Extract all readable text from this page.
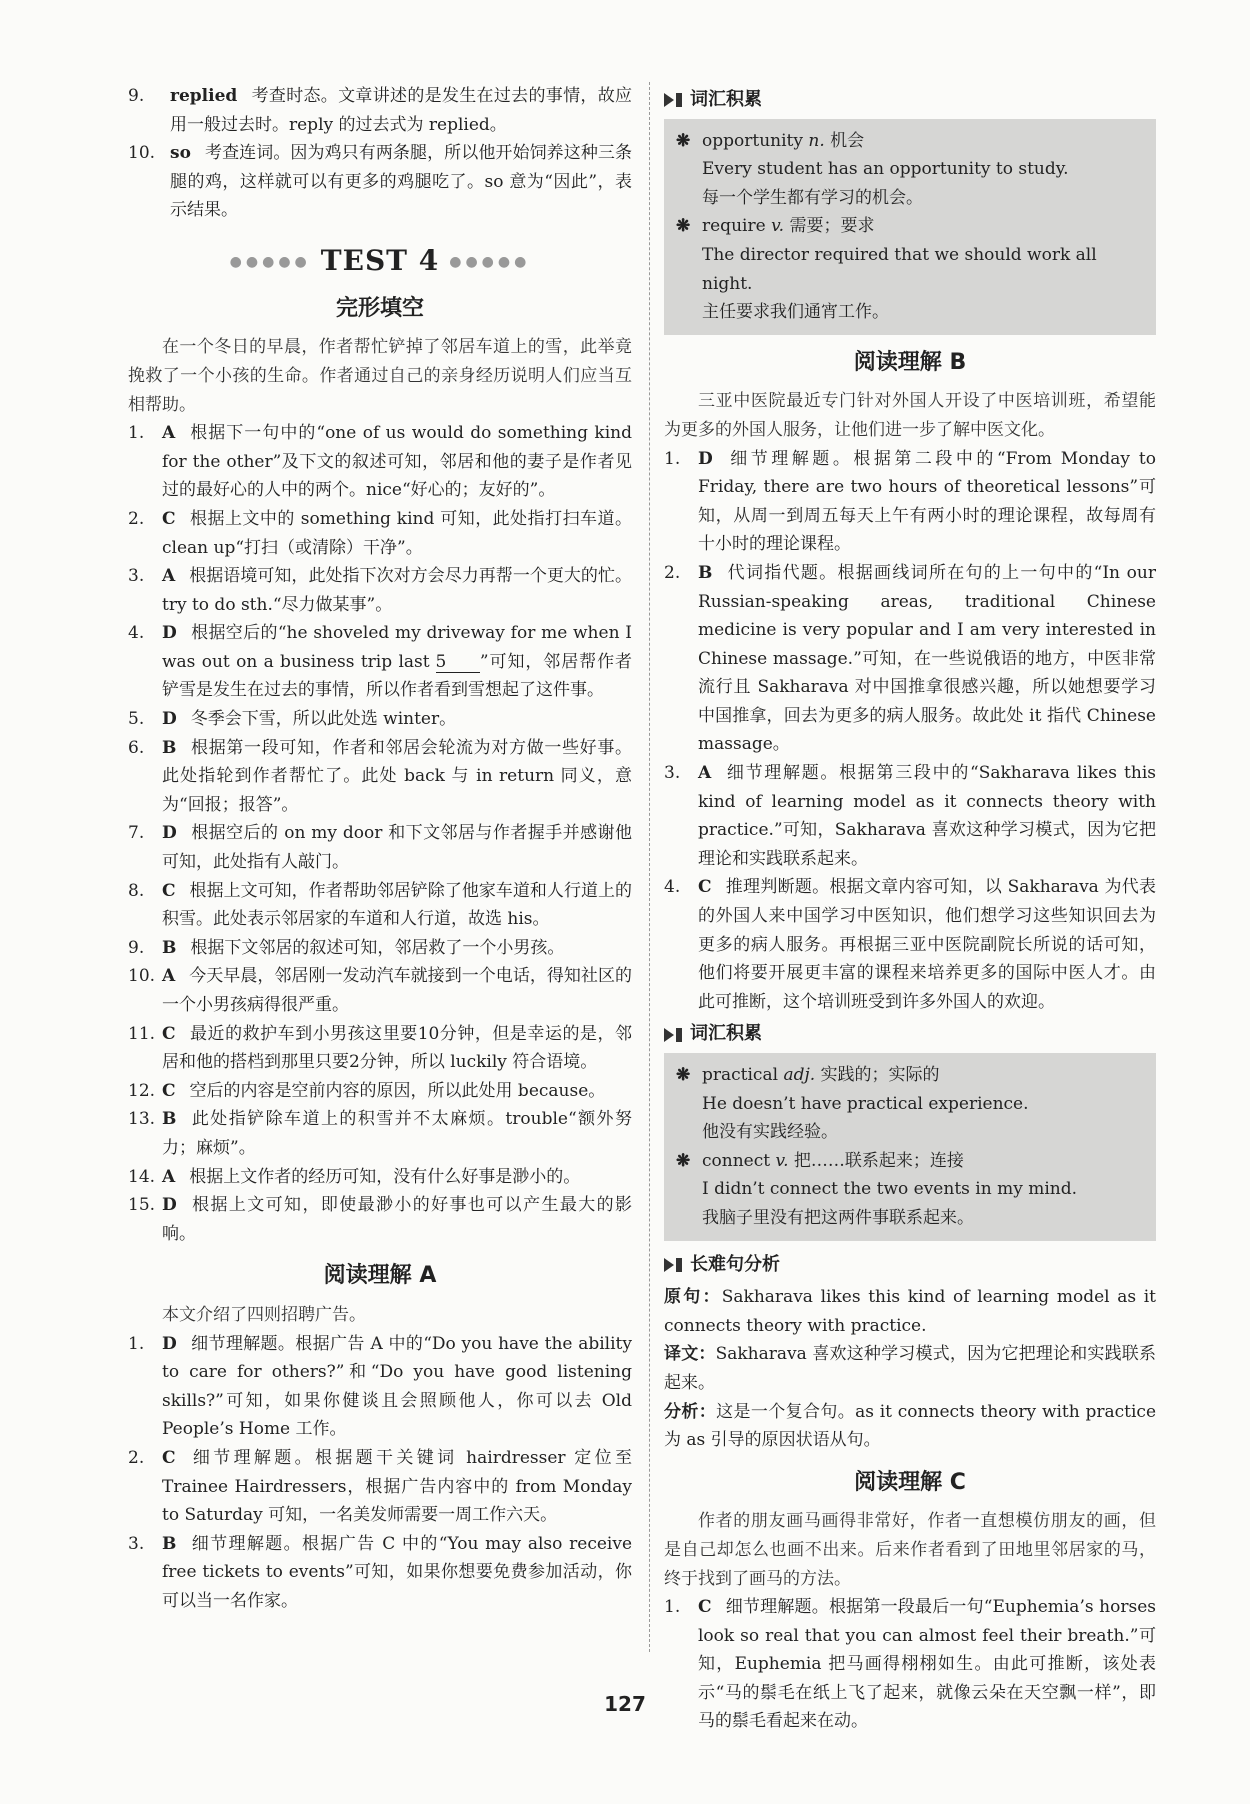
9. replied 考查时态。文章讲述的是发生在过去的事情，故应用一般过去时。reply 的过去式为 replied。

10. so 考查连词。因为鸡只有两条腿，所以他开始饲养这种三条腿的鸡，这样就可以有更多的鸡腿吃了。so 意为“因此”，表示结果。

●●●●● TEST 4 ●●●●●
完形填空

在一个冬日的早晨，作者帮忙铲掉了邻居车道上的雪，此举竟挽救了一个小孩的生命。作者通过自己的亲身经历说明人们应当互相帮助。

1. A 根据下一句中的“one of us would do something kind for the other”及下文的叙述可知，邻居和他的妻子是作者见过的最好心的人中的两个。nice“好心的；友好的”。

2. C 根据上文中的 something kind 可知，此处指打扫车道。clean up“打扫（或清除）干净”。

3. A 根据语境可知，此处指下次对方会尽力再帮一个更大的忙。try to do sth.“尽力做某事”。

4. D 根据空后的“he shoveled my driveway for me when I was out on a business trip last 5 ”可知，邻居帮作者铲雪是发生在过去的事情，所以作者看到雪想起了这件事。

5. D 冬季会下雪，所以此处选 winter。

6. B 根据第一段可知，作者和邻居会轮流为对方做一些好事。此处指轮到作者帮忙了。此处 back 与 in return 同义，意为“回报；报答”。

7. D 根据空后的 on my door 和下文邻居与作者握手并感谢他可知，此处指有人敲门。

8. C 根据上文可知，作者帮助邻居铲除了他家车道和人行道上的积雪。此处表示邻居家的车道和人行道，故选 his。

9. B 根据下文邻居的叙述可知，邻居救了一个小男孩。

10. A 今天早晨，邻居刚一发动汽车就接到一个电话，得知社区的一个小男孩病得很严重。

11. C 最近的救护车到小男孩这里要10分钟，但是幸运的是，邻居和他的搭档到那里只要2分钟，所以 luckily 符合语境。

12. C 空后的内容是空前内容的原因，所以此处用 because。

13. B 此处指铲除车道上的积雪并不太麻烦。trouble“额外努力；麻烦”。

14. A 根据上文作者的经历可知，没有什么好事是渺小的。

15. D 根据上文可知，即使最渺小的好事也可以产生最大的影响。

阅读理解 A

本文介绍了四则招聘广告。

1. D 细节理解题。根据广告 A 中的“Do you have the ability to care for others?”和“Do you have good listening skills?”可知，如果你健谈且会照顾他人，你可以去 Old People’s Home 工作。

2. C 细节理解题。根据题干关键词 hairdresser 定位至 Trainee Hairdressers，根据广告内容中的 from Monday to Saturday 可知，一名美发师需要一周工作六天。

3. B 细节理解题。根据广告 C 中的“You may also receive free tickets to events”可知，如果你想要免费参加活动，你可以当一名作家。

词汇积累
❋ opportunity n. 机会
Every student has an opportunity to study.
每一个学生都有学习的机会。
❋ require v. 需要；要求
The director required that we should work all night.
主任要求我们通宵工作。
阅读理解 B

三亚中医院最近专门针对外国人开设了中医培训班，希望能为更多的外国人服务，让他们进一步了解中医文化。

1. D 细节理解题。根据第二段中的“From Monday to Friday, there are two hours of theoretical lessons”可知，从周一到周五每天上午有两小时的理论课程，故每周有十小时的理论课程。

2. B 代词指代题。根据画线词所在句的上一句中的“In our Russian-speaking areas, traditional Chinese medicine is very popular and I am very interested in Chinese massage.”可知，在一些说俄语的地方，中医非常流行且 Sakharava 对中国推拿很感兴趣，所以她想要学习中国推拿，回去为更多的病人服务。故此处 it 指代 Chinese massage。

3. A 细节理解题。根据第三段中的“Sakharava likes this kind of learning model as it connects theory with practice.”可知，Sakharava 喜欢这种学习模式，因为它把理论和实践联系起来。

4. C 推理判断题。根据文章内容可知，以 Sakharava 为代表的外国人来中国学习中医知识，他们想学习这些知识回去为更多的病人服务。再根据三亚中医院副院长所说的话可知，他们将要开展更丰富的课程来培养更多的国际中医人才。由此可推断，这个培训班受到许多外国人的欢迎。

词汇积累
❋ practical adj. 实践的；实际的
He doesn’t have practical experience.
他没有实践经验。
❋ connect v. 把……联系起来；连接
I didn’t connect the two events in my mind.
我脑子里没有把这两件事联系起来。
长难句分析

原句：Sakharava likes this kind of learning model as it connects theory with practice.

译文：Sakharava 喜欢这种学习模式，因为它把理论和实践联系起来。

分析：这是一个复合句。as it connects theory with practice 为 as 引导的原因状语从句。

阅读理解 C

作者的朋友画马画得非常好，作者一直想模仿朋友的画，但是自己却怎么也画不出来。后来作者看到了田地里邻居家的马，终于找到了画马的方法。

1. C 细节理解题。根据第一段最后一句“Euphemia’s horses look so real that you can almost feel their breath.”可知，Euphemia 把马画得栩栩如生。由此可推断，该处表示“马的鬃毛在纸上飞了起来，就像云朵在天空飘一样”，即马的鬃毛看起来在动。

127
